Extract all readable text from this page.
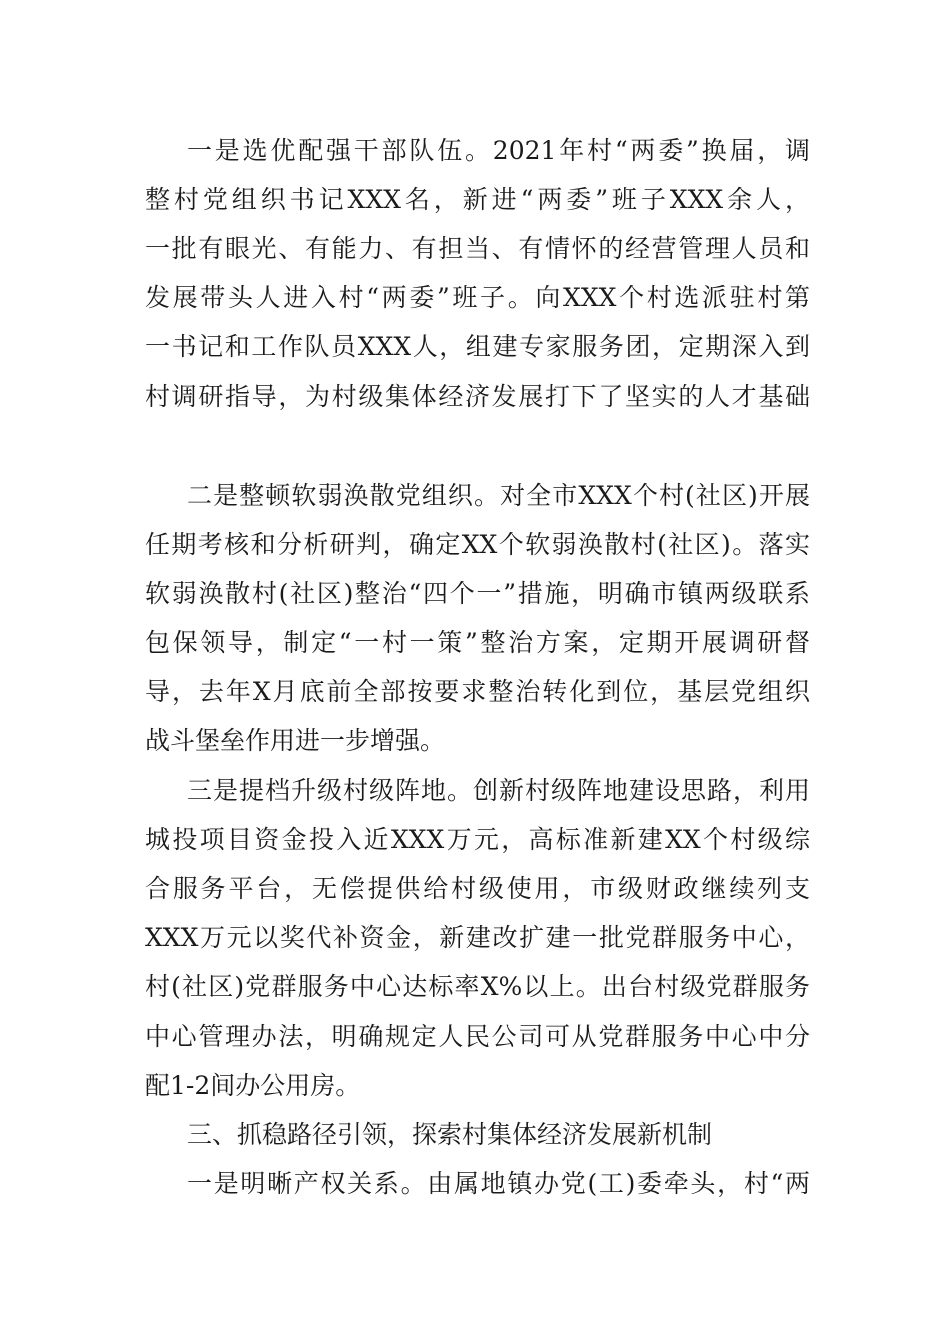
一是选优配强干部队伍。2021年村“两委”换届，调
整村党组织书记XXX名，新进“两委”班子XXX余人，
一批有眼光、有能力、有担当、有情怀的经营管理人员和
发展带头人进入村“两委”班子。向XXX个村选派驻村第
一书记和工作队员XXX人，组建专家服务团，定期深入到
村调研指导，为村级集体经济发展打下了坚实的人才基础
二是整顿软弱涣散党组织。对全市XXX个村(社区)开展
任期考核和分析研判，确定XX个软弱涣散村(社区)。落实
软弱涣散村(社区)整治“四个一”措施，明确市镇两级联系
包保领导，制定“一村一策”整治方案，定期开展调研督
导，去年X月底前全部按要求整治转化到位，基层党组织
战斗堡垒作用进一步增强。
三是提档升级村级阵地。创新村级阵地建设思路，利用
城投项目资金投入近XXX万元，高标准新建XX个村级综
合服务平台，无偿提供给村级使用，市级财政继续列支
XXX万元以奖代补资金，新建改扩建一批党群服务中心，
村(社区)党群服务中心达标率X%以上。出台村级党群服务
中心管理办法，明确规定人民公司可从党群服务中心中分
配1-2间办公用房。
三、抓稳路径引领，探索村集体经济发展新机制
一是明晰产权关系。由属地镇办党(工)委牵头，村“两
